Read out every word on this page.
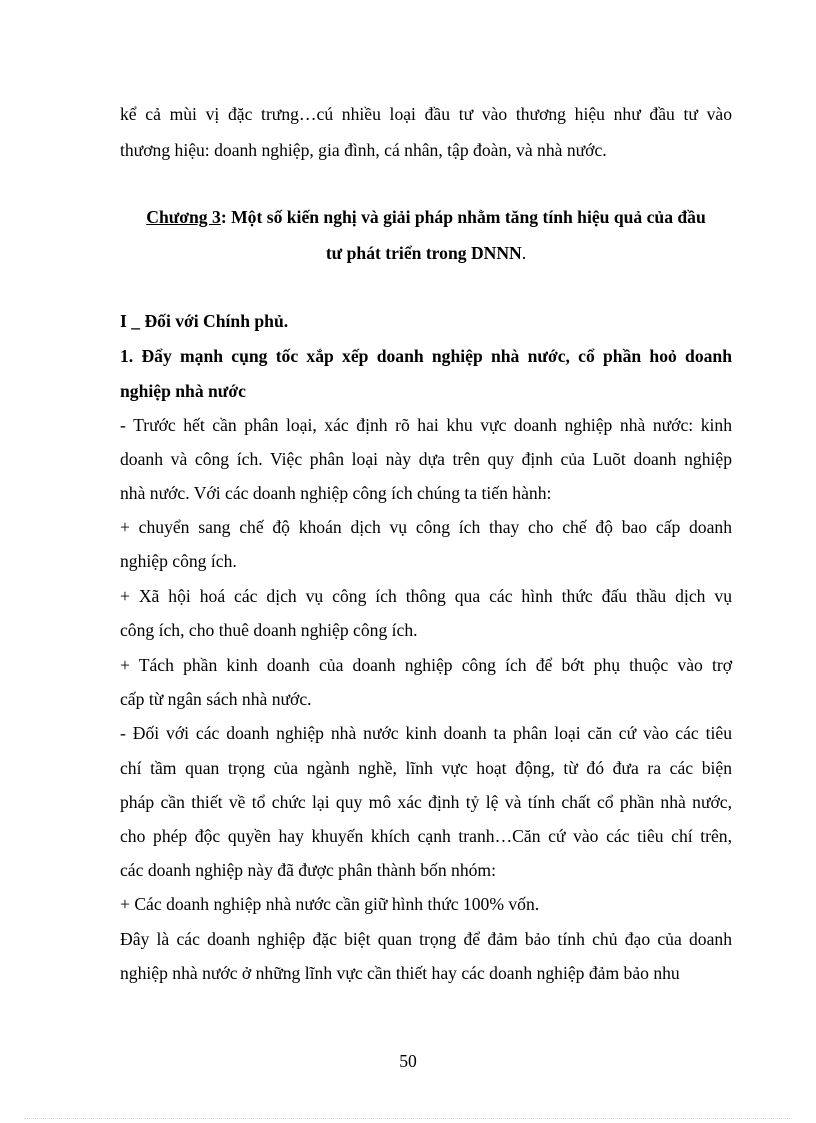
kể cả mùi vị đặc trưng…cú nhiều loại đầu tư vào thương hiệu như đầu tư vào

thương hiệu: doanh nghiệp, gia đình, cá nhân, tập đoàn, và nhà nước.

Chương 3: Một số kiến nghị và giải pháp nhằm tăng tính hiệu quả của đầu

tư phát triển trong DNNN.

I _ Đối với Chính phủ.

1. Đẩy mạnh cụng tốc xắp xếp doanh nghiệp nhà nước, cổ phần hoỏ doanh

nghiệp nhà nước

- Trước hết cần phân loại, xác định rõ hai khu vực doanh nghiệp nhà nước: kinh

doanh và công ích. Việc phân loại này dựa trên quy định của Luõt doanh nghiệp

nhà nước. Với các doanh nghiệp công ích chúng ta tiến hành:

+ chuyển sang chế độ khoán dịch vụ công ích thay cho chế độ bao cấp doanh

nghiệp công ích.

+ Xã hội hoá các dịch vụ công ích thông qua các hình thức đấu thầu dịch vụ

công ích, cho thuê doanh nghiệp công ích.

+ Tách phần kinh doanh của doanh nghiệp công ích để bớt phụ thuộc vào trợ

cấp từ ngân sách nhà nước.

- Đối với các doanh nghiệp nhà nước kinh doanh ta phân loại căn cứ vào các tiêu

chí tầm quan trọng của ngành nghề, lĩnh vực hoạt động, từ đó đưa ra các biện

pháp cần thiết về tổ chức lại quy mô xác định tỷ lệ và tính chất cổ phần nhà nước,

cho phép độc quyền hay khuyến khích cạnh tranh…Căn cứ vào các tiêu chí trên,

các doanh nghiệp này đã được phân thành bốn nhóm:

+ Các doanh nghiệp nhà nước cần giữ hình thức 100% vốn.

Đây là các doanh nghiệp đặc biệt quan trọng để đảm bảo tính chủ đạo của doanh

nghiệp nhà nước ở những lĩnh vực cần thiết hay các doanh nghiệp đảm bảo nhu

50
